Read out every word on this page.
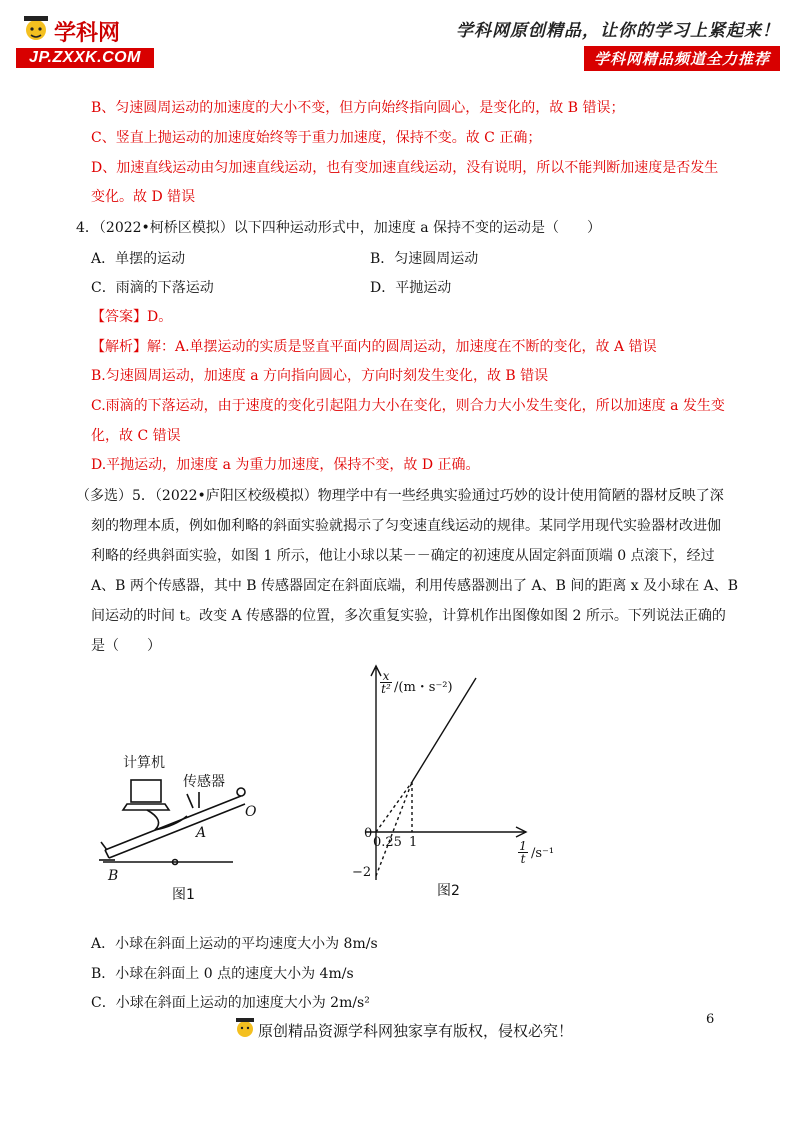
学科网
JP.ZXXK.COM
学科网原创精品，让你的学习上紧起来！
学科网精品频道全力推荐
B、匀速圆周运动的加速度的大小不变，但方向始终指向圆心，是变化的，故 B 错误；
C、竖直上抛运动的加速度始终等于重力加速度，保持不变。故 C 正确；
D、加速直线运动由匀加速直线运动，也有变加速直线运动，没有说明，所以不能判断加速度是否发生
变化。故 D 错误
4．（2022•柯桥区模拟）以下四种运动形式中，加速度 a 保持不变的运动是（　　）
A．单摆的运动	B．匀速圆周运动
C．雨滴的下落运动	D．平抛运动
【答案】D。
【解析】解：A.单摆运动的实质是竖直平面内的圆周运动，加速度在不断的变化，故 A 错误
B.匀速圆周运动，加速度 a 方向指向圆心，方向时刻发生变化，故 B 错误
C.雨滴的下落运动，由于速度的变化引起阻力大小在变化，则合力大小发生变化，所以加速度 a 发生变
化，故 C 错误
D.平抛运动，加速度 a 为重力加速度，保持不变，故 D 正确。
（多选）5．（2022•庐阳区校级模拟）物理学中有一些经典实验通过巧妙的设计使用简陋的器材反映了深
刻的物理本质，例如伽利略的斜面实验就揭示了匀变速直线运动的规律。某同学用现代实验器材改进伽
利略的经典斜面实验，如图 1 所示，他让小球以某－－确定的初速度从固定斜面顶端 0 点滚下，经过
A、B 两个传感器，其中 B 传感器固定在斜面底端，利用传感器测出了 A、B 间的距离 x 及小球在 A、B
间运动的时间 t。改变 A 传感器的位置，多次重复实验，计算机作出图像如图 2 所示。下列说法正确的
是（　　）
计算机
传感器
O
A
B
图1
$\frac{x}{\text{t²}} /(m$・s⁻²)
0
0.25 1
−2
$\frac{1}{t} /s^{-1}$
图2
A．小球在斜面上运动的平均速度大小为 8m/s
B．小球在斜面上 0 点的速度大小为 4m/s
C．小球在斜面上运动的加速度大小为 2m/s²
6
原创精品资源学科网独家享有版权，侵权必究！
